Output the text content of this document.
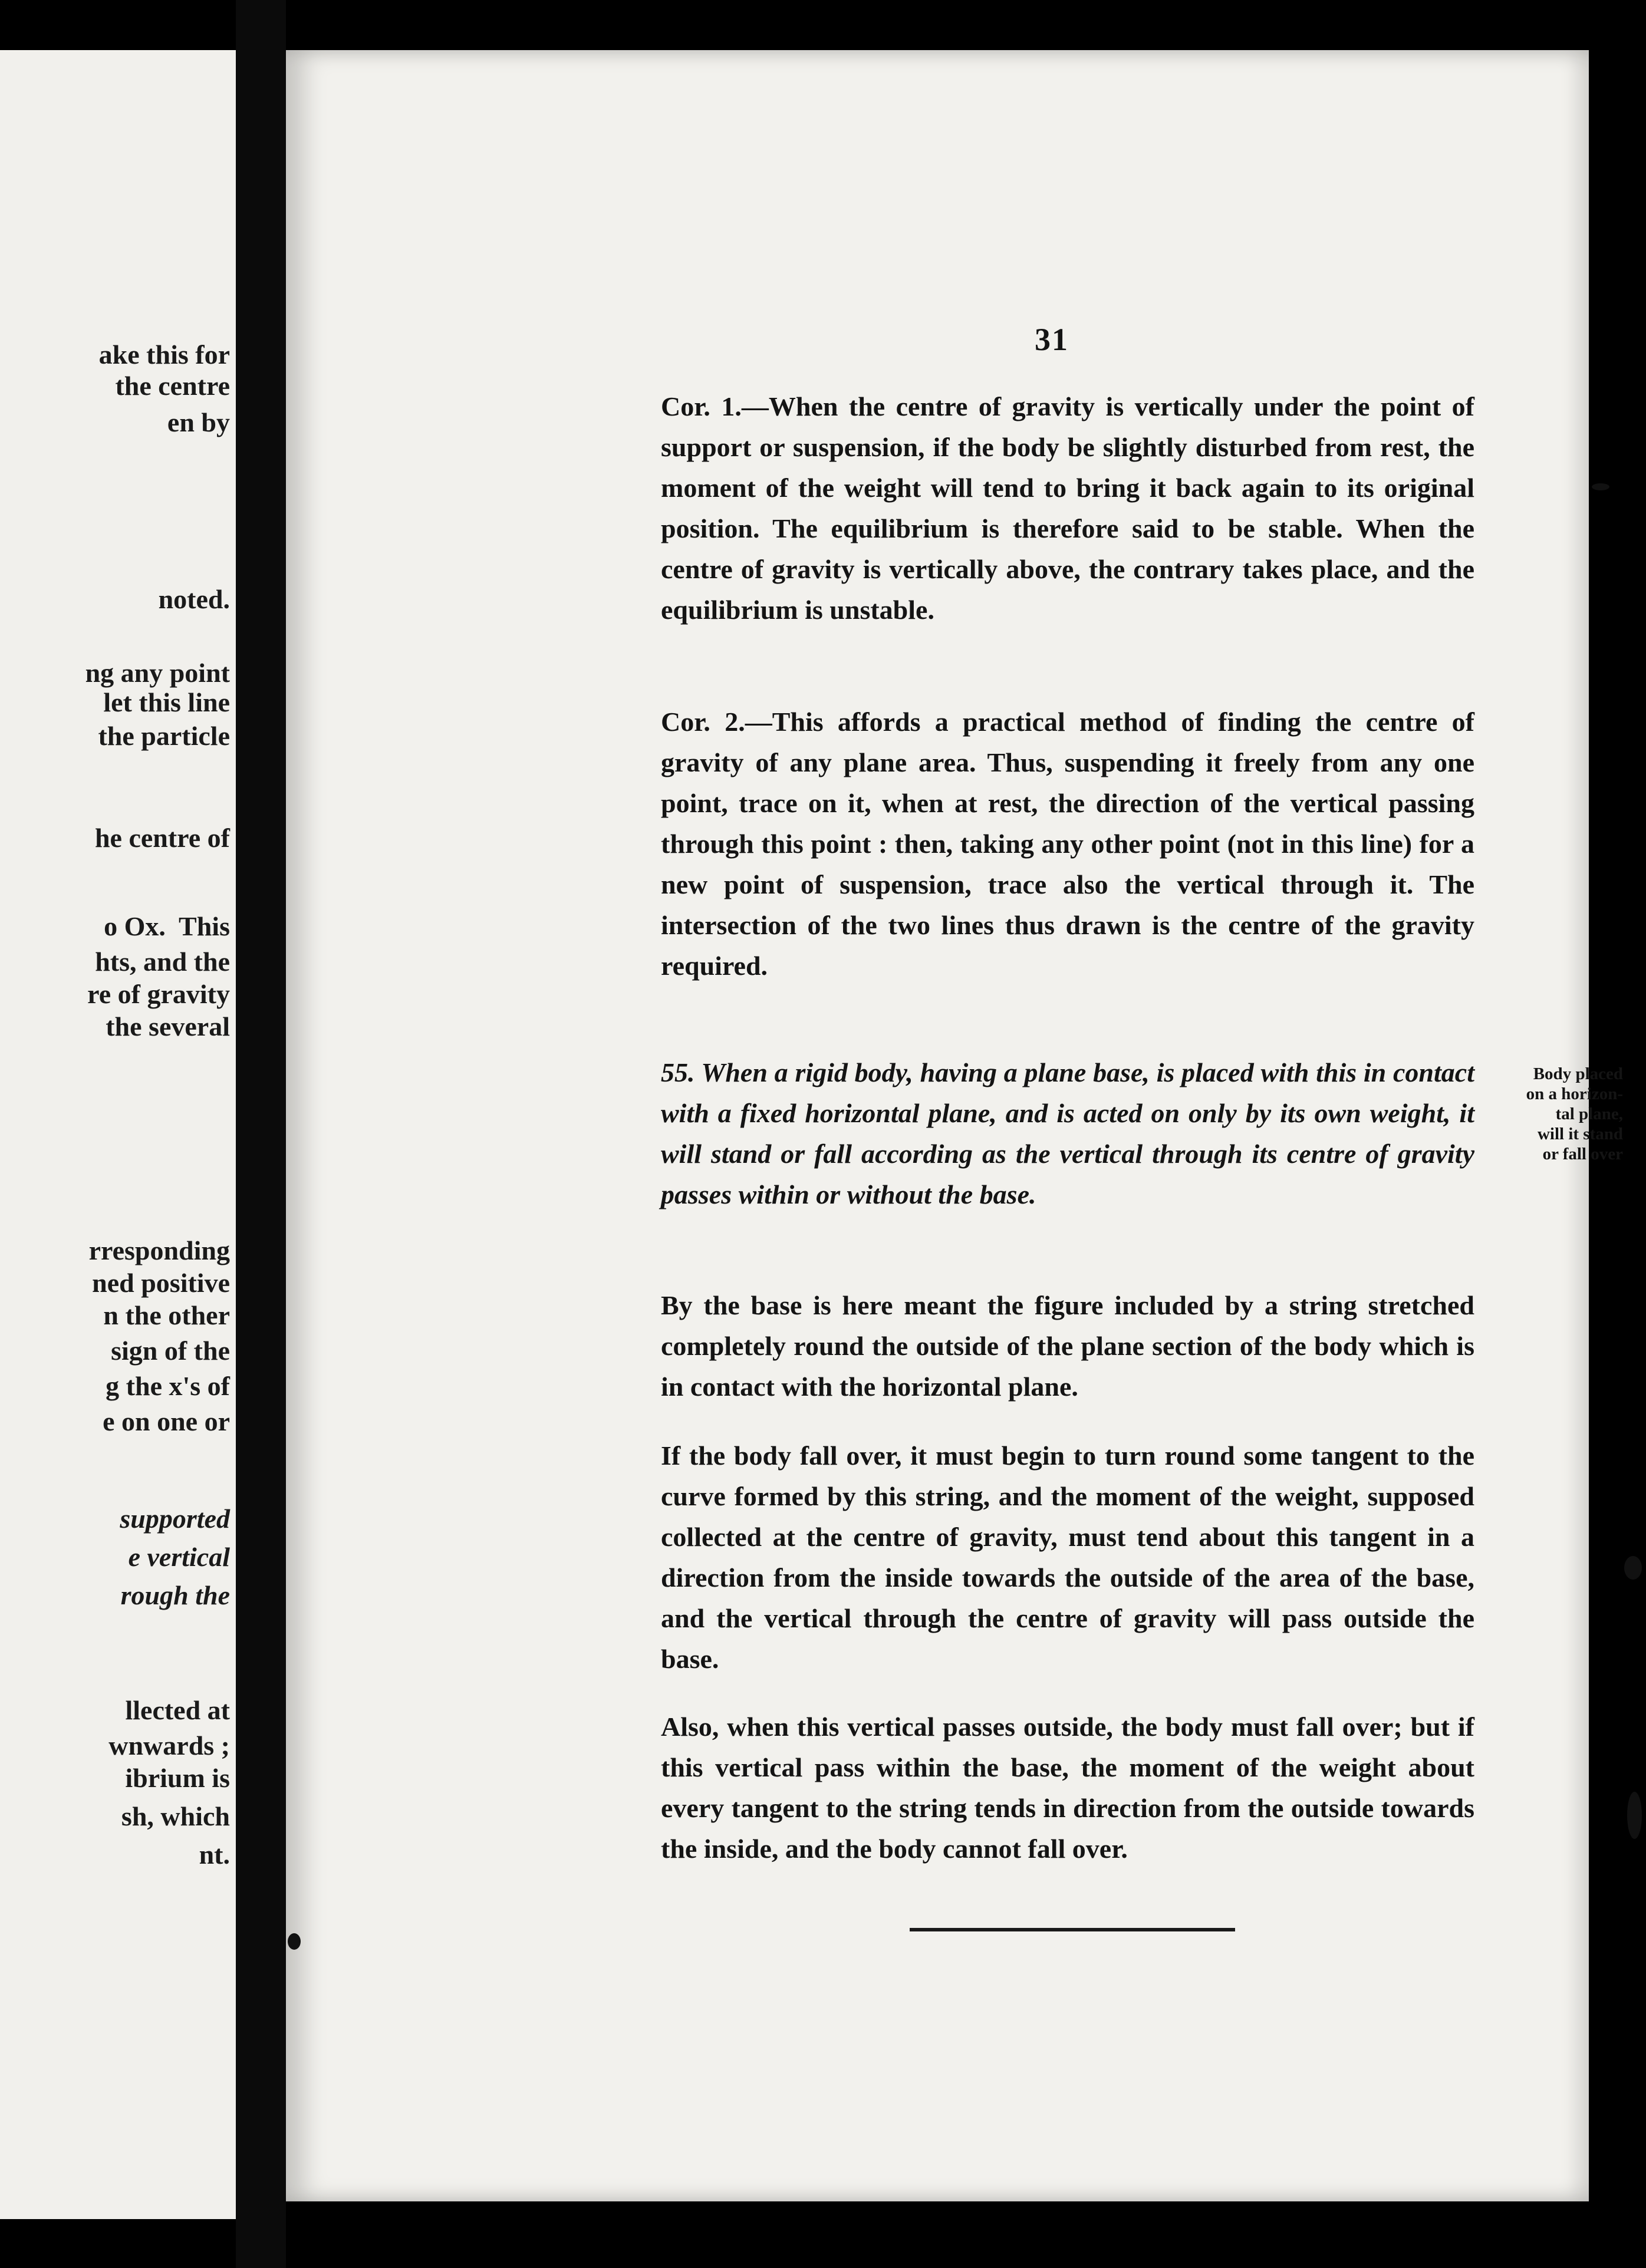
ake this for
the centre
en by
noted.
ng any point
let this line
the particle
he centre of
o Ox.  This
hts, and the
re of gravity
the several
rresponding
ned positive
n the other
sign of the
g the x's of
e on one or
supported
e vertical
rough the
llected at
wnwards ;
ibrium is
sh, which
nt.
31

Cor. 1.—When the centre of gravity is vertically under the point of support or suspension, if the body be slightly disturbed from rest, the moment of the weight will tend to bring it back again to its original position. The equilibrium is therefore said to be stable. When the centre of gravity is vertically above, the contrary takes place, and the equilibrium is unstable.

Cor. 2.—This affords a practical method of finding the centre of gravity of any plane area. Thus, suspending it freely from any one point, trace on it, when at rest, the direction of the vertical passing through this point : then, taking any other point (not in this line) for a new point of suspension, trace also the vertical through it. The intersection of the two lines thus drawn is the centre of the gravity required.

55. When a rigid body, having a plane base, is placed with this in contact with a fixed horizontal plane, and is acted on only by its own weight, it will stand or fall according as the vertical through its centre of gravity passes within or without the base.

Body placed
on a horizon-
tal plane,
will it stand
or fall over

By the base is here meant the figure included by a string stretched completely round the outside of the plane section of the body which is in contact with the horizontal plane.

If the body fall over, it must begin to turn round some tangent to the curve formed by this string, and the moment of the weight, supposed collected at the centre of gravity, must tend about this tangent in a direction from the inside towards the outside of the area of the base, and the vertical through the centre of gravity will pass outside the base.

Also, when this vertical passes outside, the body must fall over; but if this vertical pass within the base, the moment of the weight about every tangent to the string tends in direction from the outside towards the inside, and the body cannot fall over.
